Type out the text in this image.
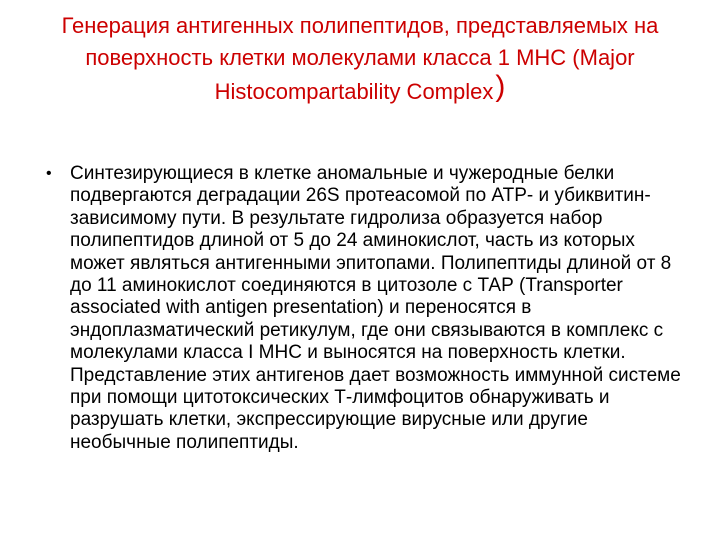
Генерация антигенных полипептидов, представляемых на поверхность клетки молекулами класса 1 МНС (Major Histocompartability Complex)
• Синтезирующиеся в клетке аномальные и чужеродные белки подвергаются деградации 26S протеасомой по АТР- и убиквитин-зависимому пути. В результате гидролиза образуется набор полипептидов длиной от 5 до 24 аминокислот, часть из которых может являться антигенными эпитопами. Полипептиды длиной от 8 до 11 аминокислот соединяются в цитозоле с ТАР (Transporter associated with antigen presentation) и переносятся в эндоплазматический ретикулум, где они связываются в комплекс с молекулами класса I МНС и выносятся на поверхность клетки. Представление этих антигенов дает возможность иммунной системе при помощи цитотоксических Т-лимфоцитов обнаруживать и разрушать клетки, экспрессирующие вирусные или другие необычные полипептиды.
